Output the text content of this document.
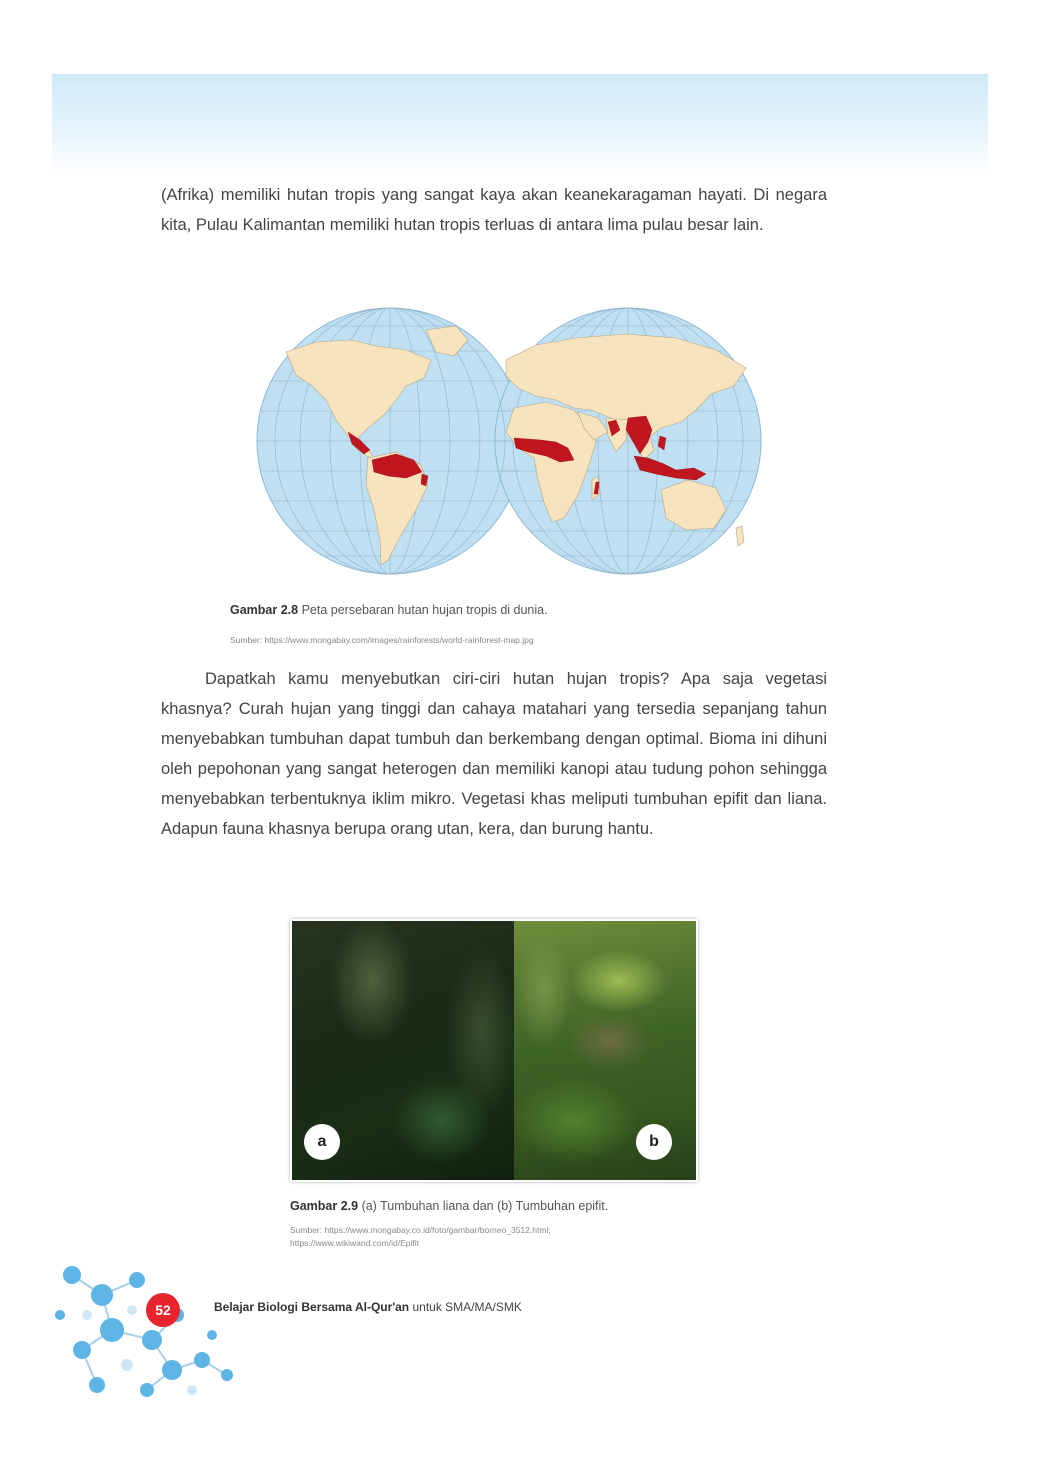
(Afrika) memiliki hutan tropis yang sangat kaya akan keanekaragaman hayati. Di negara kita, Pulau Kalimantan memiliki hutan tropis terluas di antara lima pulau besar lain.

Gambar 2.8 Peta persebaran hutan hujan tropis di dunia.

Sumber: https://www.mongabay.com/images/rainforests/world-rainforest-map.jpg

Dapatkah kamu menyebutkan ciri-ciri hutan hujan tropis? Apa saja vegetasi khasnya? Curah hujan yang tinggi dan cahaya matahari yang tersedia sepanjang tahun menyebabkan tumbuhan dapat tumbuh dan berkembang dengan optimal. Bioma ini dihuni oleh pepohonan yang sangat heterogen dan memiliki kanopi atau tudung pohon sehingga menyebabkan terbentuknya iklim mikro. Vegetasi khas meliputi tumbuhan epifit dan liana. Adapun fauna khasnya berupa orang utan, kera, dan burung hantu.

a	b

Gambar 2.9 (a) Tumbuhan liana dan (b) Tumbuhan epifit.

Sumber: https://www.mongabay.co.id/foto/gambar/borneo_3512.html;
https://www.wikiwand.com/id/Epifit
52	Belajar Biologi Bersama Al-Qur'an untuk SMA/MA/SMK
